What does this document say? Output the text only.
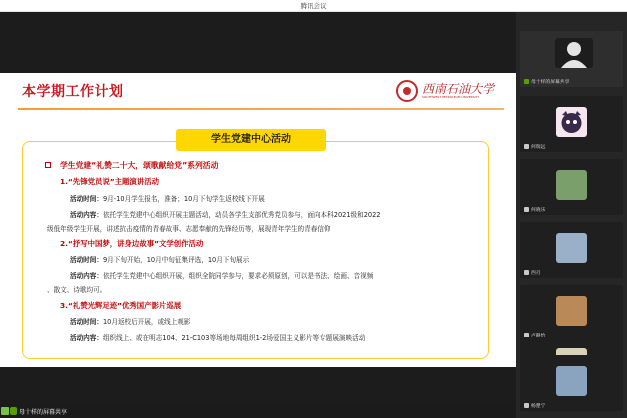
腾讯会议
本学期工作计划	西南石油大学
SOUTHWEST PETROLEUM UNIVERSITY
学生党建中心活动
学生党建“礼赞二十大，颂歌献给党”系列活动
1.“先锋党员说”主题演讲活动
活动时间：9月-10月学生报名，准备；10月下旬学生返校线下开展
活动内容：依托学生党建中心组织开展主题活动，动员各学生支部优秀党员参与，面向本科2021级和2022
级低年级学生开展，讲述抗击疫情的青春故事、志愿奉献的先锋经历等，展现青年学生的青春信仰
2.“抒写中国梦，讲身边故事”文学创作活动
活动时间：9月下旬开始，10月中旬征集评选，10月下旬展示
活动内容：依托学生党建中心组织开展，组织全院同学参与，要求必须原创，可以是书法、绘画、音视频
、散文、诗歌均可。
3.“礼赞光辉足迹”优秀国产影片巡展
活动时间：10月返校后开展，或线上观影
活动内容：组织线上、或在明志104、21-C103等场地每周组织1-2场爱国主义影片等专题展演映活动
母十样的屏幕共享
母十样的屏幕共享
何瑞远
何晓乐
西刃
杨楚宁
